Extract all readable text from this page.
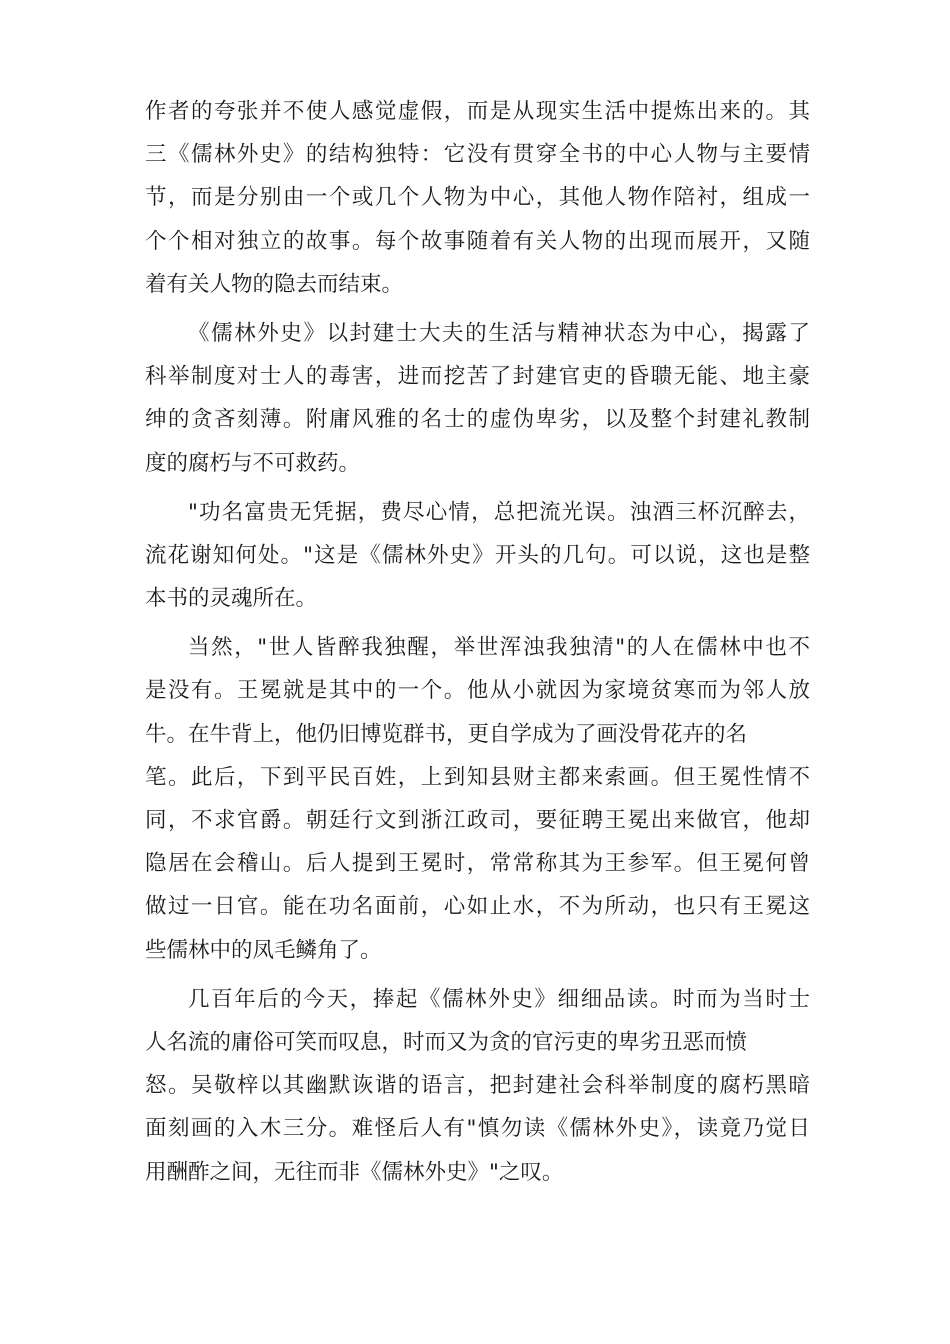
作者的夸张并不使人感觉虚假，而是从现实生活中提炼出来的。其
三《儒林外史》的结构独特：它没有贯穿全书的中心人物与主要情
节，而是分别由一个或几个人物为中心，其他人物作陪衬，组成一
个个相对独立的故事。每个故事随着有关人物的出现而展开，又随
着有关人物的隐去而结束。
《儒林外史》以封建士大夫的生活与精神状态为中心，揭露了
科举制度对士人的毒害，进而挖苦了封建官吏的昏聩无能、地主豪
绅的贪吝刻薄。附庸风雅的名士的虚伪卑劣，以及整个封建礼教制
度的腐朽与不可救药。
"功名富贵无凭据，费尽心情，总把流光误。浊酒三杯沉醉去，
流花谢知何处。"这是《儒林外史》开头的几句。可以说，这也是整
本书的灵魂所在。
当然，"世人皆醉我独醒，举世浑浊我独清"的人在儒林中也不
是没有。王冕就是其中的一个。他从小就因为家境贫寒而为邻人放
牛。在牛背上，他仍旧博览群书，更自学成为了画没骨花卉的名
笔。此后，下到平民百姓，上到知县财主都来索画。但王冕性情不
同，不求官爵。朝廷行文到浙江政司，要征聘王冕出来做官，他却
隐居在会稽山。后人提到王冕时，常常称其为王参军。但王冕何曾
做过一日官。能在功名面前，心如止水，不为所动，也只有王冕这
些儒林中的凤毛鳞角了。
几百年后的今天，捧起《儒林外史》细细品读。时而为当时士
人名流的庸俗可笑而叹息，时而又为贪的官污吏的卑劣丑恶而愤
怒。吴敬梓以其幽默诙谐的语言，把封建社会科举制度的腐朽黑暗
面刻画的入木三分。难怪后人有"慎勿读《儒林外史》，读竟乃觉日
用酬酢之间，无往而非《儒林外史》"之叹。
